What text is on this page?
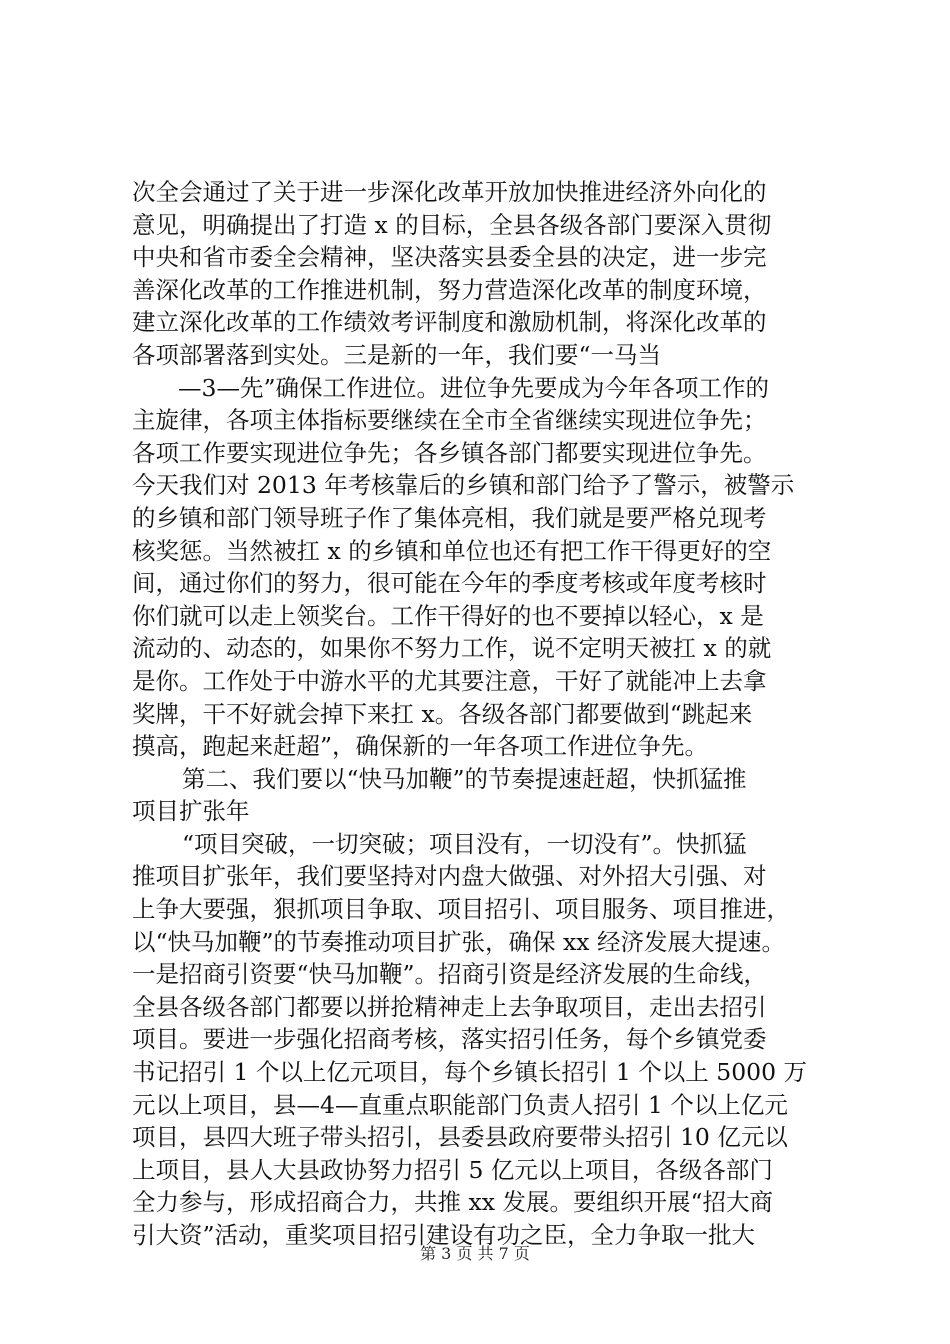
次全会通过了关于进一步深化改革开放加快推进经济外向化的
意见，明确提出了打造 x 的目标，全县各级各部门要深入贯彻
中央和省市委全会精神，坚决落实县委全县的决定，进一步完
善深化改革的工作推进机制，努力营造深化改革的制度环境，
建立深化改革的工作绩效考评制度和激励机制，将深化改革的
各项部署落到实处。三是新的一年，我们要“一马当
—3—先”确保工作进位。进位争先要成为今年各项工作的
主旋律，各项主体指标要继续在全市全省继续实现进位争先；
各项工作要实现进位争先；各乡镇各部门都要实现进位争先。
今天我们对 2013 年考核靠后的乡镇和部门给予了警示，被警示
的乡镇和部门领导班子作了集体亮相，我们就是要严格兑现考
核奖惩。当然被扛 x 的乡镇和单位也还有把工作干得更好的空
间，通过你们的努力，很可能在今年的季度考核或年度考核时
你们就可以走上领奖台。工作干得好的也不要掉以轻心，x 是
流动的、动态的，如果你不努力工作，说不定明天被扛 x 的就
是你。工作处于中游水平的尤其要注意，干好了就能冲上去拿
奖牌，干不好就会掉下来扛 x。各级各部门都要做到“跳起来
摸高，跑起来赶超”，确保新的一年各项工作进位争先。
第二、我们要以“快马加鞭”的节奏提速赶超，快抓猛推
项目扩张年
“项目突破，一切突破；项目没有，一切没有”。快抓猛
推项目扩张年，我们要坚持对内盘大做强、对外招大引强、对
上争大要强，狠抓项目争取、项目招引、项目服务、项目推进，
以“快马加鞭”的节奏推动项目扩张，确保 xx 经济发展大提速。
一是招商引资要“快马加鞭”。招商引资是经济发展的生命线，
全县各级各部门都要以拼抢精神走上去争取项目，走出去招引
项目。要进一步强化招商考核，落实招引任务，每个乡镇党委
书记招引 1 个以上亿元项目，每个乡镇长招引 1 个以上 5000 万
元以上项目，县—4—直重点职能部门负责人招引 1 个以上亿元
项目，县四大班子带头招引，县委县政府要带头招引 10 亿元以
上项目，县人大县政协努力招引 5 亿元以上项目，各级各部门
全力参与，形成招商合力，共推 xx 发展。要组织开展“招大商
引大资”活动，重奖项目招引建设有功之臣，全力争取一批大
第 3 页 共 7 页
